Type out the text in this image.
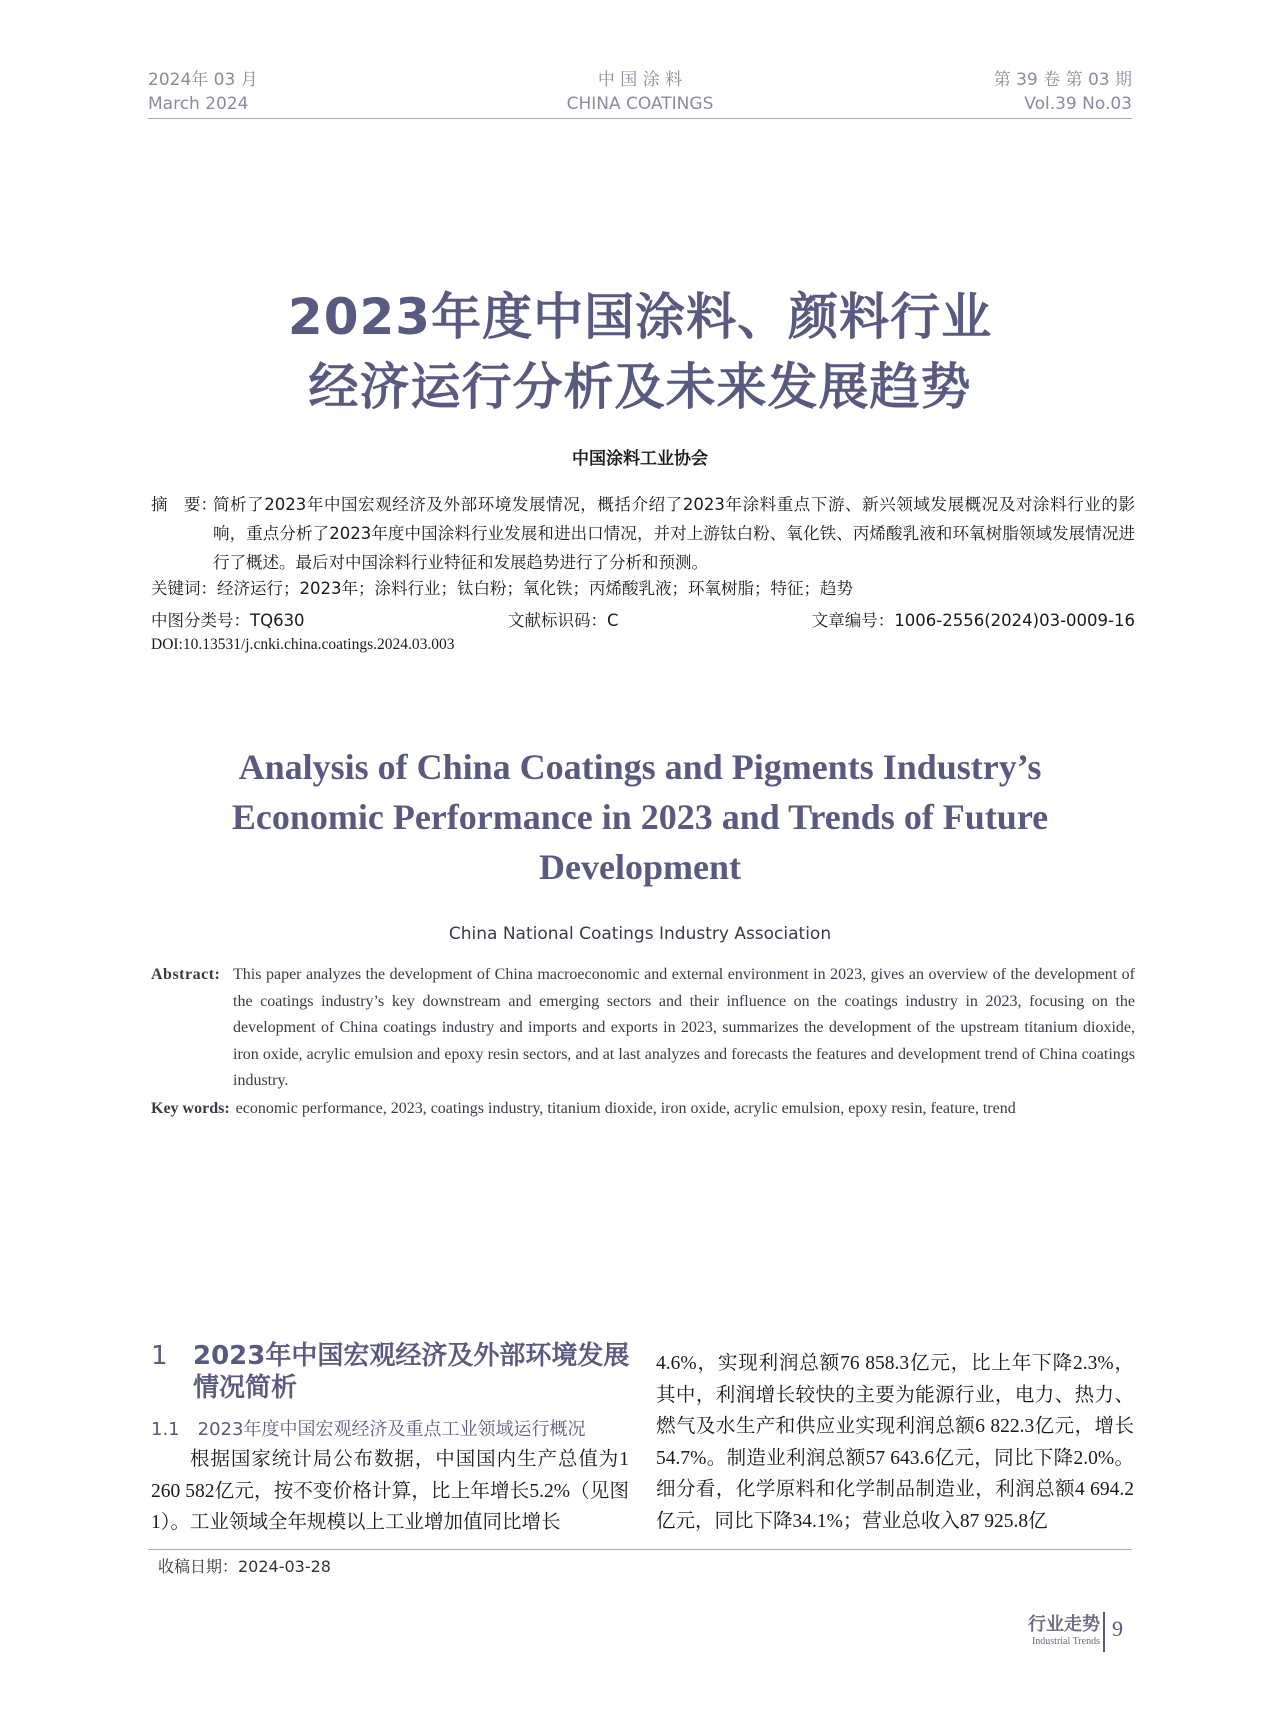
2024年 03 月
March 2024
中 国 涂 料
CHINA COATINGS
第 39 卷 第 03 期
Vol.39 No.03
2023年度中国涂料、颜料行业
经济运行分析及未来发展趋势
中国涂料工业协会
摘　要：
简析了2023年中国宏观经济及外部环境发展情况，概括介绍了2023年涂料重点下游、新兴领域发展概况及对涂料行业的影响，重点分析了2023年度中国涂料行业发展和进出口情况，并对上游钛白粉、氧化铁、丙烯酸乳液和环氧树脂领域发展情况进行了概述。最后对中国涂料行业特征和发展趋势进行了分析和预测。
关键词：经济运行；2023年；涂料行业；钛白粉；氧化铁；丙烯酸乳液；环氧树脂；特征；趋势
中图分类号：TQ630	文献标识码：C	文章编号：1006-2556(2024)03-0009-16
DOI:10.13531/j.cnki.china.coatings.2024.03.003
Analysis of China Coatings and Pigments Industry’s
Economic Performance in 2023 and Trends of Future
Development
China National Coatings Industry Association
Abstract: This paper analyzes the development of China macroeconomic and external environment in 2023, gives an overview of the development of the coatings industry’s key downstream and emerging sectors and their influence on the coatings industry in 2023, focusing on the development of China coatings industry and imports and exports in 2023, summarizes the development of the upstream titanium dioxide, iron oxide, acrylic emulsion and epoxy resin sectors, and at last analyzes and forecasts the features and development trend of China coatings industry.
Key words: economic performance, 2023, coatings industry, titanium dioxide, iron oxide, acrylic emulsion, epoxy resin, feature, trend
1 2023年中国宏观经济及外部环境发展情况简析
1.1 2023年度中国宏观经济及重点工业领域运行概况
根据国家统计局公布数据，中国国内生产总值为1 260 582亿元，按不变价格计算，比上年增长5.2%（见图1）。工业领域全年规模以上工业增加值同比增长
4.6%，实现利润总额76 858.3亿元，比上年下降2.3%，其中，利润增长较快的主要为能源行业，电力、热力、燃气及水生产和供应业实现利润总额6 822.3亿元，增长54.7%。制造业利润总额57 643.6亿元，同比下降2.0%。细分看，化学原料和化学制品制造业，利润总额4 694.2亿元，同比下降34.1%；营业总收入87 925.8亿
收稿日期：2024-03-28
行业走势
Industrial Trends
9
